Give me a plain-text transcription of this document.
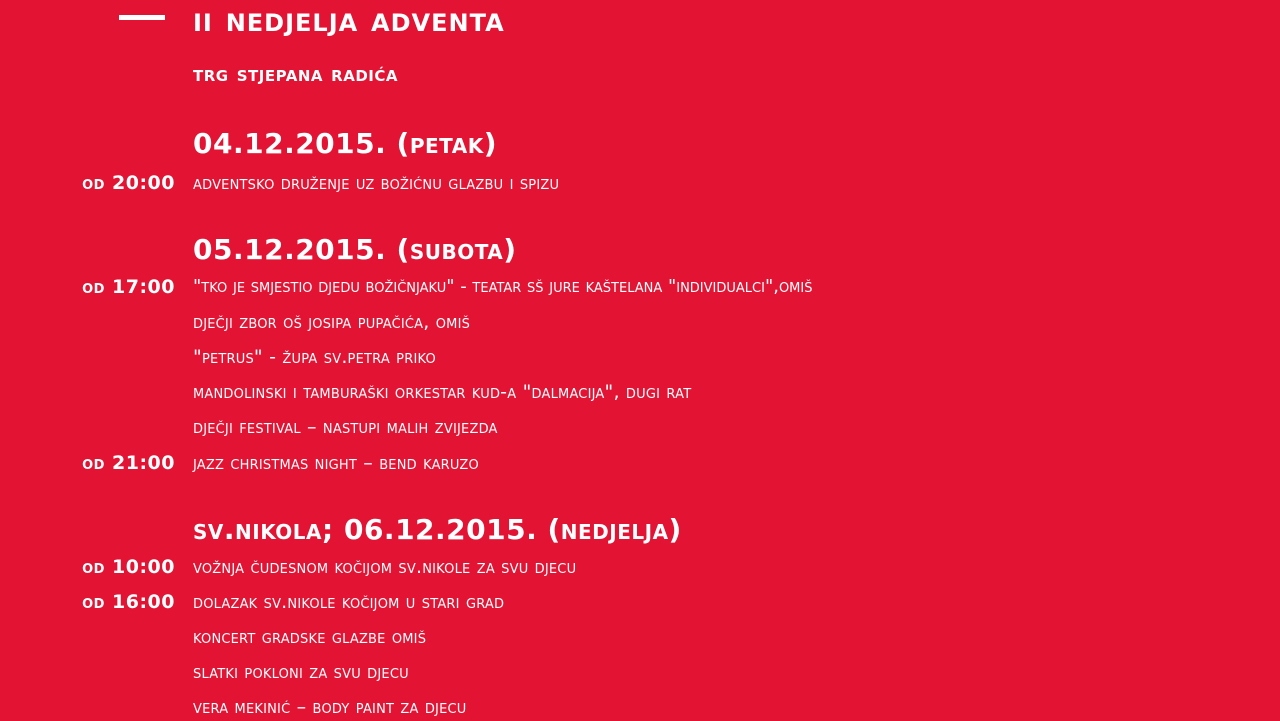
ii nedjelja adventa
trg stjepana radića
04.12.2015. (petak)
od 20:00 adventsko druženje uz božićnu glazbu i spizu
05.12.2015. (subota)
od 17:00 "tko je smjestio djedu božičnjaku" - teatar sš jure kaštelana "individualci",omiš
dječji zbor oš josipa pupačića, omiš
"petrus" - župa sv.petra priko
mandolinski i tamburaški orkestar kud-a "dalmacija", dugi rat
dječji festival – nastupi malih zvijezda
od 21:00 jazz christmas night – bend karuzo
sv.nikola; 06.12.2015. (nedjelja)
od 10:00 vožnja čudesnom kočijom sv.nikole za svu djecu
od 16:00 dolazak sv.nikole kočijom u stari grad
koncert gradske glazbe omiš
slatki pokloni za svu djecu
vera mekinić – body paint za djecu
